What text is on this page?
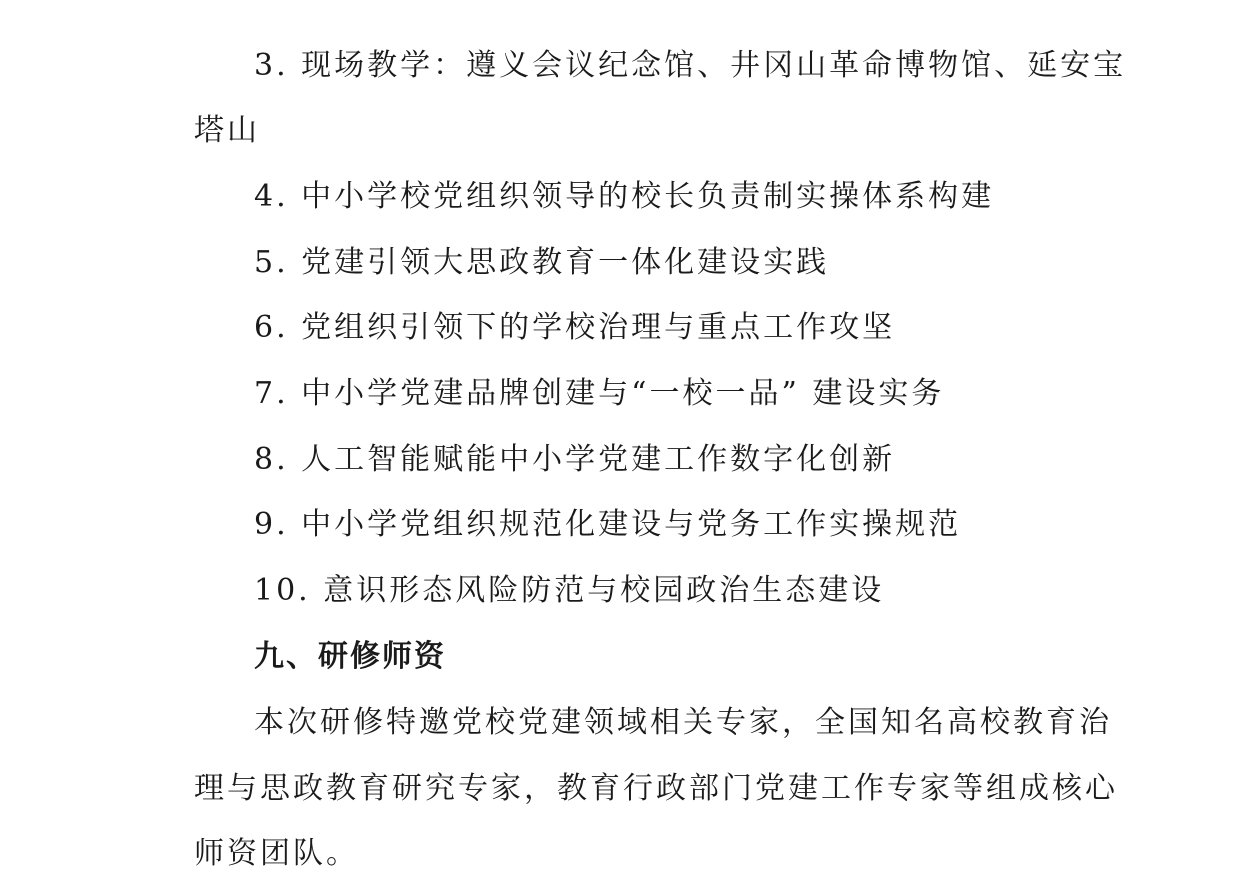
3. 现场教学：遵义会议纪念馆、井冈山革命博物馆、延安宝
塔山
4. 中小学校党组织领导的校长负责制实操体系构建
5. 党建引领大思政教育一体化建设实践
6. 党组织引领下的学校治理与重点工作攻坚
7. 中小学党建品牌创建与“一校一品” 建设实务
8. 人工智能赋能中小学党建工作数字化创新
9. 中小学党组织规范化建设与党务工作实操规范
10. 意识形态风险防范与校园政治生态建设
九、研修师资
本次研修特邀党校党建领域相关专家，全国知名高校教育治
理与思政教育研究专家，教育行政部门党建工作专家等组成核心
师资团队。
